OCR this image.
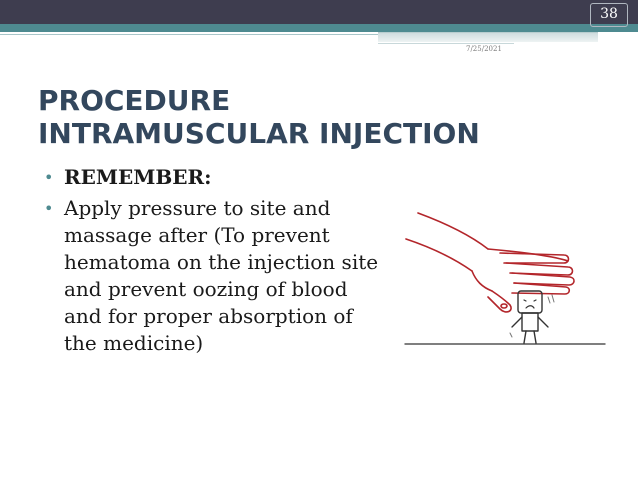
38
7/25/2021
PROCEDURE INTRAMUSCULAR INJECTION
• REMEMBER:
• Apply pressure to site and massage after (To prevent hematoma on the injection site and prevent oozing of blood and for proper absorption of the medicine)
